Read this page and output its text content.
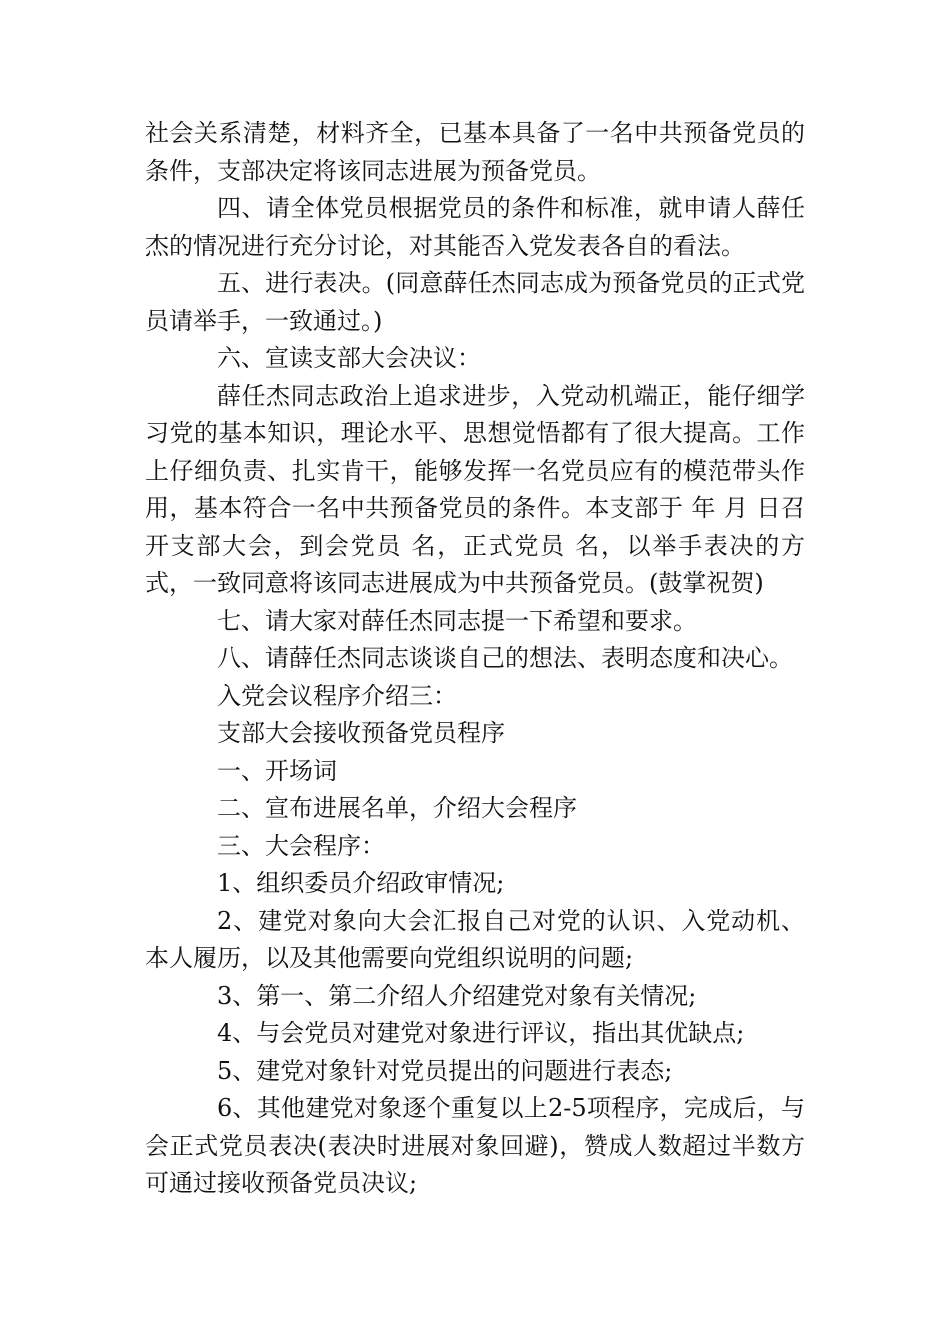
社会关系清楚，材料齐全，已基本具备了一名中共预备党员的条件，支部决定将该同志进展为预备党员。

四、请全体党员根据党员的条件和标准，就申请人薛任杰的情况进行充分讨论，对其能否入党发表各自的看法。

五、进行表决。(同意薛任杰同志成为预备党员的正式党员请举手，一致通过。)

六、宣读支部大会决议：

薛任杰同志政治上追求进步，入党动机端正，能仔细学习党的基本知识，理论水平、思想觉悟都有了很大提高。工作上仔细负责、扎实肯干，能够发挥一名党员应有的模范带头作用，基本符合一名中共预备党员的条件。本支部于 年 月 日召开支部大会，到会党员 名，正式党员 名，以举手表决的方式，一致同意将该同志进展成为中共预备党员。(鼓掌祝贺)

七、请大家对薛任杰同志提一下希望和要求。

八、请薛任杰同志谈谈自己的想法、表明态度和决心。

入党会议程序介绍三：

支部大会接收预备党员程序

一、开场词

二、宣布进展名单，介绍大会程序

三、大会程序：

1、组织委员介绍政审情况;

2、建党对象向大会汇报自己对党的认识、入党动机、本人履历，以及其他需要向党组织说明的问题;

3、第一、第二介绍人介绍建党对象有关情况;

4、与会党员对建党对象进行评议，指出其优缺点;

5、建党对象针对党员提出的问题进行表态;

6、其他建党对象逐个重复以上2-5项程序，完成后，与会正式党员表决(表决时进展对象回避)，赞成人数超过半数方可通过接收预备党员决议;
